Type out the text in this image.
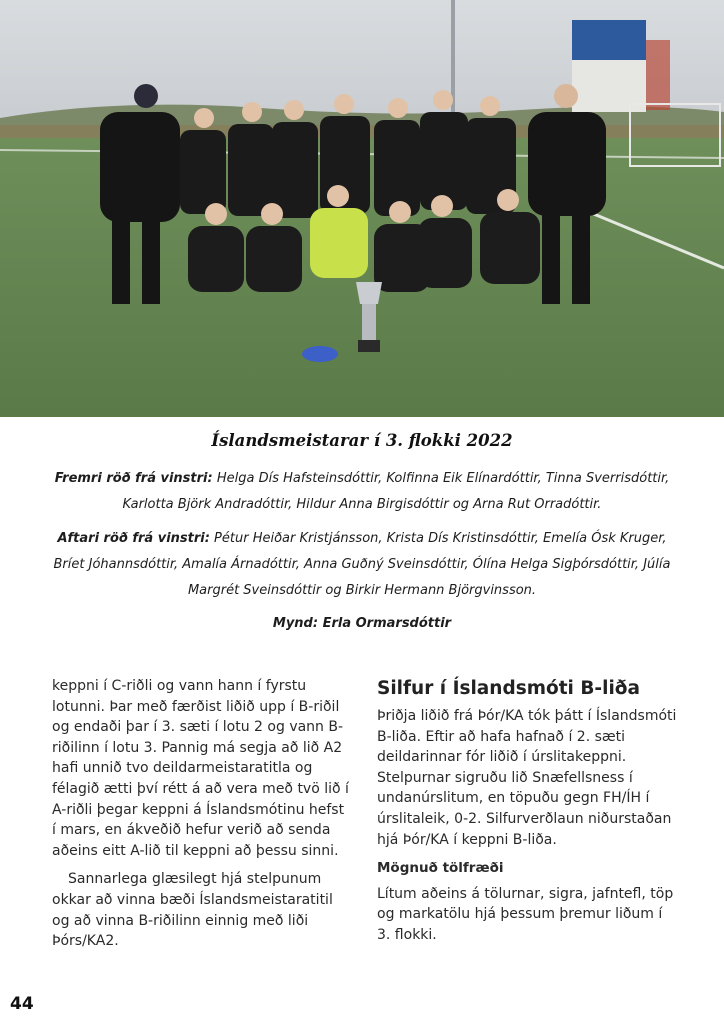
Íslandsmeistarar í 3. flokki 2022
Fremri röð frá vinstri: Helga Dís Hafsteinsdóttir, Kolfinna Eik Elínardóttir, Tinna Sverrisdóttir, Karlotta Björk Andradóttir, Hildur Anna Birgisdóttir og Arna Rut Orradóttir.
Aftari röð frá vinstri: Pétur Heiðar Kristjánsson, Krista Dís Kristinsdóttir, Emelía Ósk Kruger, Bríet Jóhannsdóttir, Amalía Árnadóttir, Anna Guðný Sveinsdóttir, Ólína Helga Sigþórsdóttir, Júlía Margrét Sveinsdóttir og Birkir Hermann Björgvinsson.
Mynd: Erla Ormarsdóttir

keppni í C-riðli og vann hann í fyrstu lotunni. Þar með færðist liðið upp í B-riðil og endaði þar í 3. sæti í lotu 2 og vann B-riðilinn í lotu 3. Pannig má segja að lið A2 hafi unnið tvo deildarmeistaratitla og félagið ætti því rétt á að vera með tvö lið í A-riðli þegar keppni á Íslandsmótinu hefst í mars, en ákveðið hefur verið að senda aðeins eitt A-lið til keppni að þessu sinni.

Sannarlega glæsilegt hjá stelpunum okkar að vinna bæði Íslandsmeistaratitil og að vinna B-riðilinn einnig með liði Þórs/KA2.

Silfur í Íslandsmóti B-liða

Þriðja liðið frá Þór/KA tók þátt í Íslandsmóti B-liða. Eftir að hafa hafnað í 2. sæti deildarinnar fór liðið í úrslitakeppni. Stelpurnar sigruðu lið Snæfellsness í undanúrslitum, en töpuðu gegn FH/ÍH í úrslitaleik, 0-2. Silfurverðlaun niðurstaðan hjá Þór/KA í keppni B-liða.

Mögnuð tölfræði

Lítum aðeins á tölurnar, sigra, jafntefl, töp og markatölu hjá þessum þremur liðum í 3. flokki.

44
